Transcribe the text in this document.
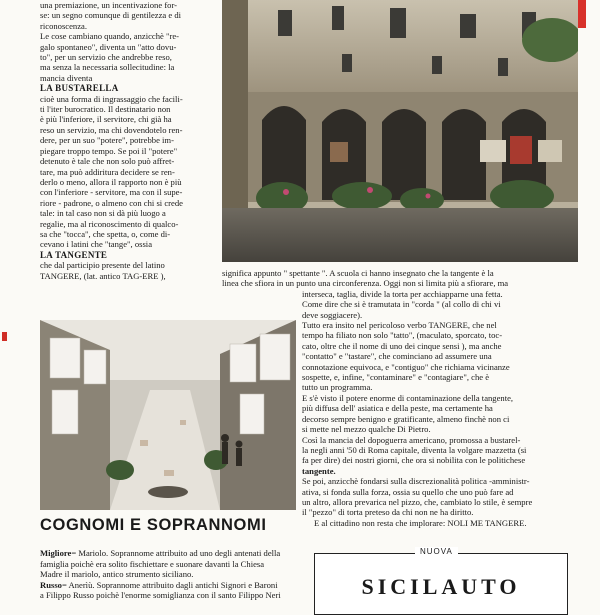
una premiazione, un incentivazione for-

se: un segno comunque di gentilezza e di

riconoscenza.

Le cose cambiano quando, anzicchè "re-

galo spontaneo", diventa un "atto dovu-

to", per un servizio che andrebbe reso,

ma senza la necessaria sollecitudine: la

mancia diventa

LA BUSTARELLA

cioè una forma di ingrassaggio che facili-

ti l'iter burocratico. Il destinatario non

è più l'inferiore, il servitore, chi già ha

reso un servizio, ma chi dovendotelo ren-

dere, per un suo "potere", potrebbe im-

piegare troppo tempo. Se poi il "potere"

detenuto è tale che non solo può affret-

tare, ma può addiritura decidere se ren-

derlo o meno, allora il rapporto non è più

con l'inferiore - servitore, ma con il supe-

riore - padrone, o almeno con chi si crede

tale: in tal caso non si dà più luogo a

regalie, ma al riconoscimento di qualco-

sa che "tocca", che spetta, o, come di-

cevano i latini che "tange", ossia

LA TANGENTE

che dal participio presente del latino

TANGERE, (lat. antico TAG-ERE ),	significa appunto " spettante ". A scuola ci hanno insegnato che la tangente è la

linea che sfiora in un punto una circonferenza. Oggi non si limita più a sfiorare, ma

interseca, taglia, divide la torta per acchiapparne una fetta.

Come dire che si è tramutata in "corda " (al collo di chi vi

deve soggiacere).

Tutto era insito nel pericoloso verbo TANGERE, che nel

tempo ha filiato non solo "tatto", (maculato, sporcato, toc-

cato, oltre che il nome di uno dei cinque sensi ), ma anche

"contatto" e "tastare", che cominciano ad assumere una

connotazione equivoca, e "contiguo" che richiama vicinanze

sospette, e, infine, "contaminare" e "contagiare", che è

tutto un programma.

E s'è visto il potere enorme di contaminazione della tangente,

più diffusa dell' asiatica e della peste, ma certamente ha

decorso sempre benigno e gratificante, almeno finchè non ci

si mette nel mezzo qualche Di Pietro.

Così la mancia del dopoguerra americano, promossa a bustarel-

la negli anni '50 di Roma capitale, diventa la volgare mazzetta (si

fa per dire) dei nostri giorni, che ora si nobilita con le politichese

tangente.

Se poi, anzicchè fondarsi sulla discrezionalità politica -amministr-

ativa, si fonda sulla forza, ossia su quello che uno può fare ad

un altro, allora prevarica nel pizzo, che, cambiato lo stile, è sempre

il "pezzo" di torta preteso da chi non ne ha diritto.

E al cittadino non resta che implorare: NOLI ME TANGERE.

COGNOMI E SOPRANNOMI
Migliore= Mariolo. Soprannome attribuito ad uno degli antenati della
famiglia poichè era solito fischiettare e suonare davanti la Chiesa
Madre il mariolo, antico strumento siciliano.
Russo= Anerìù. Soprannome attribuito dagli antichi Signori e Baroni
a Filippo Russo poichè l'enorme somiglianza con il santo Filippo Neri
NUOVA
SICILAUTO
